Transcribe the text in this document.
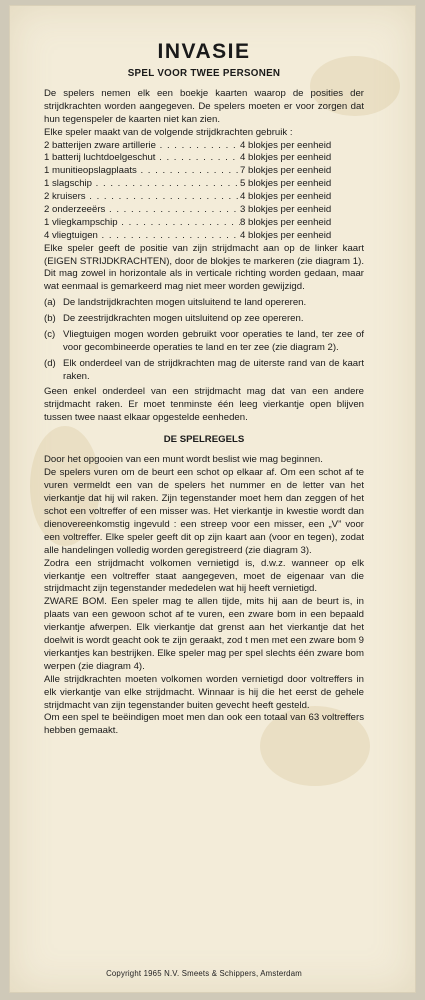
INVASIE
SPEL VOOR TWEE PERSONEN

De spelers nemen elk een boekje kaarten waarop de posities der strijdkrachten worden aangegeven. De spelers moeten er voor zorgen dat hun tegenspeler de kaarten niet kan zien.

Elke speler maakt van de volgende strijdkrachten gebruik :

2 batterijen zware artillerie . . .	4 blokjes per eenheid
1 batterij luchtdoelgeschut . . .	4 blokjes per eenheid
1 munitieopslagplaats . . .	7 blokjes per eenheid
1 slagschip . . .	5 blokjes per eenheid
2 kruisers . . .	4 blokjes per eenheid
2 onderzeeërs . . .	3 blokjes per eenheid
1 vliegkampschip . . .	8 blokjes per eenheid
4 vliegtuigen . . .	4 blokjes per eenheid

Elke speler geeft de positie van zijn strijdmacht aan op de linker kaart (EIGEN STRIJDKRACHTEN), door de blokjes te markeren (zie diagram 1). Dit mag zowel in horizontale als in verticale richting worden gedaan, maar wat eenmaal is gemarkeerd mag niet meer worden gewijzigd.

(a) De landstrijdkrachten mogen uitsluitend te land opereren.
(b) De zeestrijdkrachten mogen uitsluitend op zee opereren.
(c) Vliegtuigen mogen worden gebruikt voor operaties te land, ter zee of voor gecombineerde operaties te land en ter zee (zie diagram 2).
(d) Elk onderdeel van de strijdkrachten mag de uiterste rand van de kaart raken.

Geen enkel onderdeel van een strijdmacht mag dat van een andere strijdmacht raken. Er moet tenminste één leeg vierkantje open blijven tussen twee naast elkaar opgestelde eenheden.

DE SPELREGELS

Door het opgooien van een munt wordt beslist wie mag beginnen.

De spelers vuren om de beurt een schot op elkaar af. Om een schot af te vuren vermeldt een van de spelers het nummer en de letter van het vierkantje dat hij wil raken. Zijn tegenstander moet hem dan zeggen of het schot een voltreffer of een misser was. Het vierkantje in kwestie wordt dan dienovereenkomstig ingevuld : een streep voor een misser, een „V” voor een voltreffer. Elke speler geeft dit op zijn kaart aan (voor en tegen), zodat alle handelingen volledig worden geregistreerd (zie diagram 3).

Zodra een strijdmacht volkomen vernietigd is, d.w.z. wanneer op elk vierkantje een voltreffer staat aangegeven, moet de eigenaar van die strijdmacht zijn tegenstander mededelen wat hij heeft vernietigd.

ZWARE BOM. Een speler mag te allen tijde, mits hij aan de beurt is, in plaats van een gewoon schot af te vuren, een zware bom in een bepaald vierkantje afwerpen. Elk vierkantje dat grenst aan het vierkantje dat het doelwit is wordt geacht ook te zijn geraakt, zod t men met een zware bom 9 vierkantjes kan bestrijken. Elke speler mag per spel slechts één zware bom werpen (zie diagram 4).

Alle strijdkrachten moeten volkomen worden vernietigd door voltreffers in elk vierkantje van elke strijdmacht. Winnaar is hij die het eerst de gehele strijdmacht van zijn tegenstander buiten gevecht heeft gesteld.

Om een spel te beëindigen moet men dan ook een totaal van 63 voltreffers hebben gemaakt.

Copyright 1965 N.V. Smeets & Schippers, Amsterdam
